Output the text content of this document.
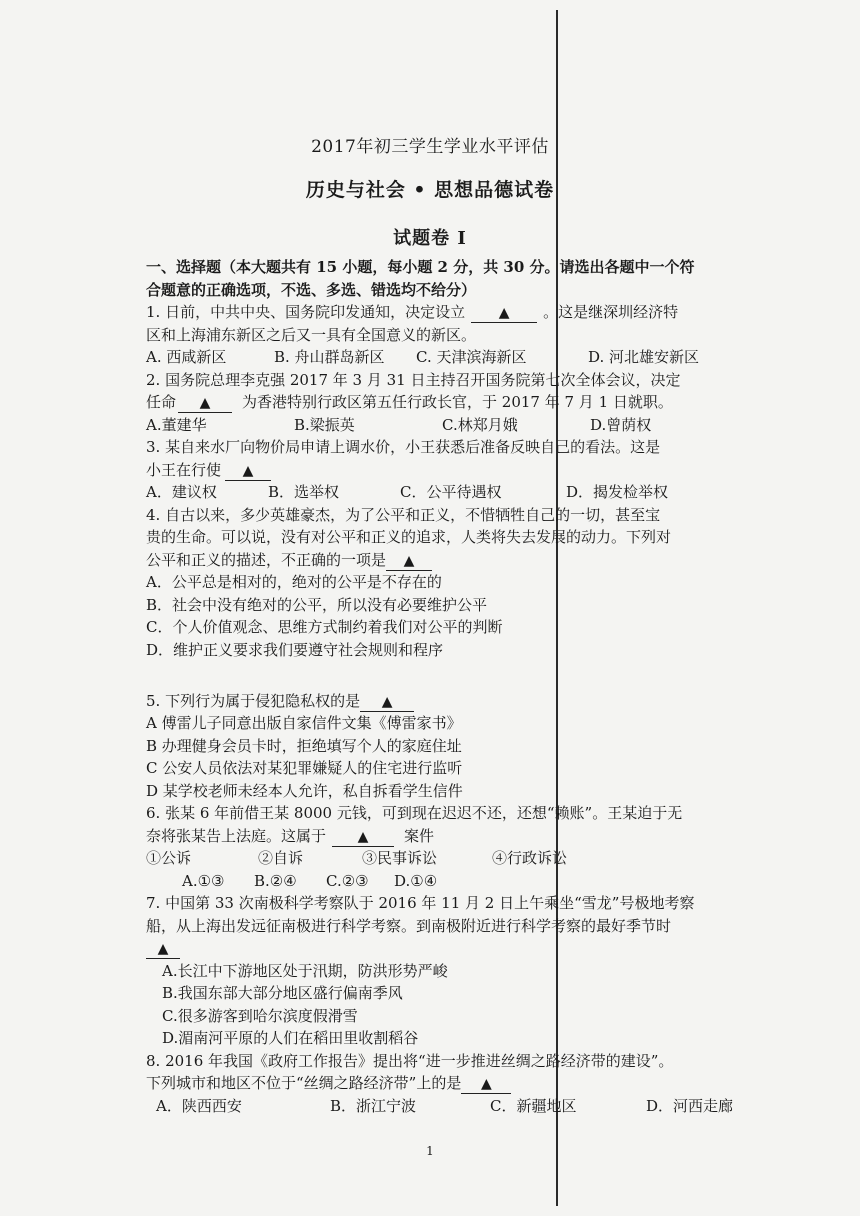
2017年初三学生学业水平评估
历史与社会 • 思想品德试卷
试题卷 I
一、选择题（本大题共有 15 小题，每小题 2 分，共 30 分。请选出各题中一个符
合题意的正确选项，不选、多选、错选均不给分）
1. 日前，中共中央、国务院印发通知，决定设立 ▲ 。这是继深圳经济特
区和上海浦东新区之后又一具有全国意义的新区。
A. 西咸新区	B. 舟山群岛新区	C. 天津滨海新区	D. 河北雄安新区
2. 国务院总理李克强 2017 年 3 月 31 日主持召开国务院第七次全体会议，决定
任命 ▲ 为香港特别行政区第五任行政长官，于 2017 年 7 月 1 日就职。
A.董建华	B.梁振英	C.林郑月娥	D.曾荫权
3. 某自来水厂向物价局申请上调水价，小王获悉后准备反映自己的看法。这是
小王在行使 ▲
A．建议权	B．选举权	C．公平待遇权	D．揭发检举权
4. 自古以来，多少英雄豪杰，为了公平和正义，不惜牺牲自己的一切，甚至宝
贵的生命。可以说，没有对公平和正义的追求，人类将失去发展的动力。下列对
公平和正义的描述，不正确的一项是 ▲
A．公平总是相对的，绝对的公平是不存在的
B．社会中没有绝对的公平，所以没有必要维护公平
C．个人价值观念、思维方式制约着我们对公平的判断
D．维护正义要求我们要遵守社会规则和程序
5. 下列行为属于侵犯隐私权的是 ▲
A 傅雷儿子同意出版自家信件文集《傅雷家书》
B 办理健身会员卡时，拒绝填写个人的家庭住址
C 公安人员依法对某犯罪嫌疑人的住宅进行监听
D 某学校老师未经本人允许，私自拆看学生信件
6. 张某 6 年前借王某 8000 元钱，可到现在迟迟不还，还想“赖账”。王某迫于无
奈将张某告上法庭。这属于 ▲ 案件
①公诉	②自诉	③民事诉讼	④行政诉讼
A.①③	B.②④	C.②③	D.①④
7. 中国第 33 次南极科学考察队于 2016 年 11 月 2 日上午乘坐“雪龙”号极地考察
船，从上海出发远征南极进行科学考察。到南极附近进行科学考察的最好季节时
▲
A.长江中下游地区处于汛期，防洪形势严峻
B.我国东部大部分地区盛行偏南季风
C.很多游客到哈尔滨度假滑雪
D.湄南河平原的人们在稻田里收割稻谷
8. 2016 年我国《政府工作报告》提出将“进一步推进丝绸之路经济带的建设”。
下列城市和地区不位于“丝绸之路经济带”上的是 ▲
A．陕西西安	B．浙江宁波	C．新疆地区	D．河西走廊
1
